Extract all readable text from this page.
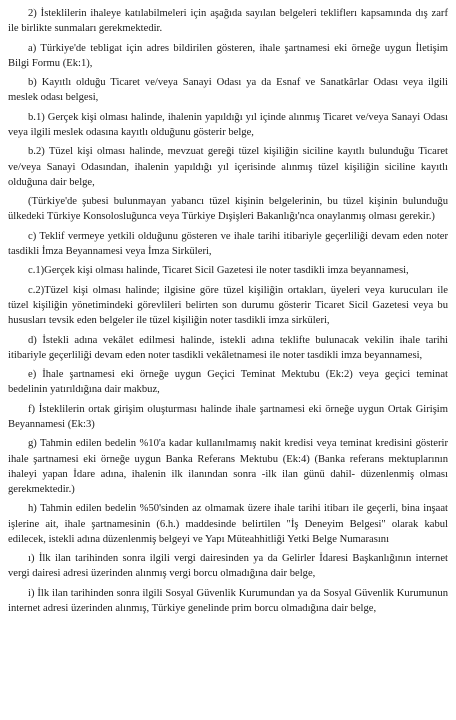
2) İsteklilerin ihaleye katılabilmeleri için aşağıda sayılan belgeleri tekliflerı kapsamında dış zarf ile birlikte sunmaları gerekmektedir.

a) Türkiye'de tebligat için adres bildirilen gösteren, ihale şartnamesi eki örneğe uygun İletişim Bilgi Formu (Ek:1),

b) Kayıtlı olduğu Ticaret ve/veya Sanayi Odası ya da Esnaf ve Sanatkârlar Odası veya ilgili meslek odası belgesi,

b.1) Gerçek kişi olması halinde, ihalenin yapıldığı yıl içinde alınmış Ticaret ve/veya Sanayi Odası veya ilgili meslek odasına kayıtlı olduğunu gösterir belge,

b.2) Tüzel kişi olması halinde, mevzuat gereği tüzel kişiliğin siciline kayıtlı bulunduğu Ticaret ve/veya Sanayi Odasından, ihalenin yapıldığı yıl içerisinde alınmış tüzel kişiliğin siciline kayıtlı olduğuna dair belge,

(Türkiye'de şubesi bulunmayan yabancı tüzel kişinin belgelerinin, bu tüzel kişinin bulunduğu ülkedeki Türkiye Konsolosluğunca veya Türkiye Dışişleri Bakanlığı'nca onaylanmış olması gerekir.)

c) Teklif vermeye yetkili olduğunu gösteren ve ihale tarihi itibariyle geçerliliği devam eden noter tasdikli İmza Beyannamesi veya İmza Sirküleri,

c.1)Gerçek kişi olması halinde, Ticaret Sicil Gazetesi ile noter tasdikli imza beyannamesi,

c.2)Tüzel kişi olması halinde; ilgisine göre tüzel kişiliğin ortakları, üyeleri veya kurucuları ile tüzel kişiliğin yönetimindeki görevlileri belirten son durumu gösterir Ticaret Sicil Gazetesi veya bu hususları tevsik eden belgeler ile tüzel kişiliğin noter tasdikli imza sirküleri,

d) İstekli adına vekâlet edilmesi halinde, istekli adına teklifte bulunacak vekilin ihale tarihi itibariyle geçerliliği devam eden noter tasdikli vekâletnamesi ile noter tasdikli imza beyannamesi,

e) İhale şartnamesi eki örneğe uygun Geçici Teminat Mektubu (Ek:2) veya geçici teminat bedelinin yatırıldığına dair makbuz,

f) İsteklilerin ortak girişim oluşturması halinde ihale şartnamesi eki örneğe uygun Ortak Girişim Beyannamesi (Ek:3)

g) Tahmin edilen bedelin %10'a kadar kullanılmamış nakit kredisi veya teminat kredisini gösterir ihale şartnamesi eki örneğe uygun Banka Referans Mektubu (Ek:4) (Banka referans mektuplarının ihaleyi yapan İdare adına, ihalenin ilk ilanından sonra -ilk ilan günü dahil- düzenlenmiş olması gerekmektedir.)

h) Tahmin edilen bedelin %50'sinden az olmamak üzere ihale tarihi itibarı ile geçerli, bina inşaat işlerine ait, ihale şartnamesinin (6.h.) maddesinde belirtilen "İş Deneyim Belgesi" olarak kabul edilecek, istekli adına düzenlenmiş belgeyi ve Yapı Müteahhitliği Yetki Belge Numarasını

ı) İlk ilan tarihinden sonra ilgili vergi dairesinden ya da Gelirler İdaresi Başkanlığının internet vergi dairesi adresi üzerinden alınmış vergi borcu olmadığına dair belge,

i) İlk ilan tarihinden sonra ilgili Sosyal Güvenlik Kurumundan ya da Sosyal Güvenlik Kurumunun internet adresi üzerinden alınmış, Türkiye genelinde prim borcu olmadığına dair belge,
